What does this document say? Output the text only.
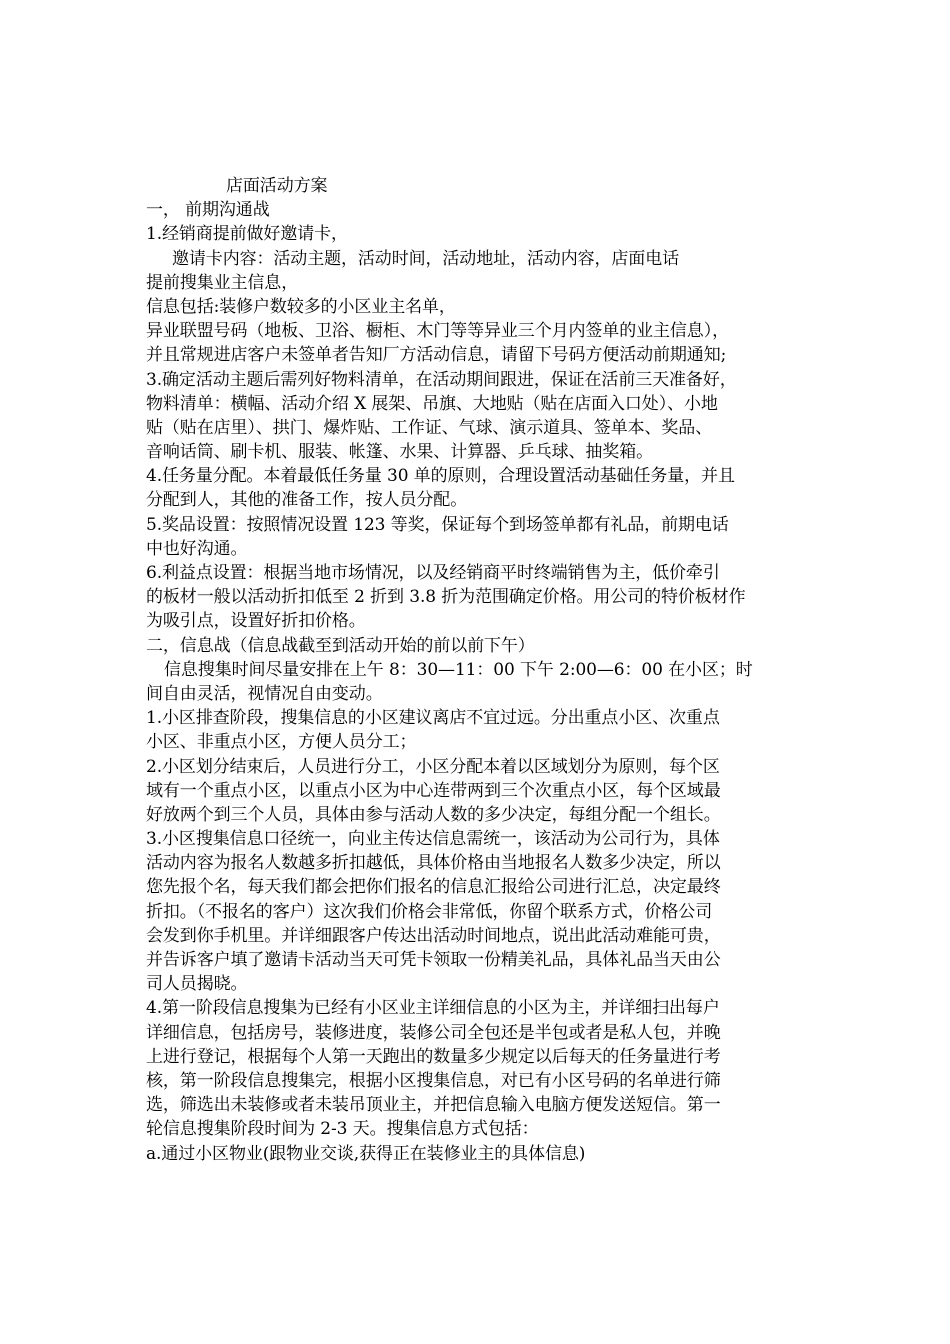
店面活动方案
一， 前期沟通战
1.经销商提前做好邀请卡，
邀请卡内容：活动主题，活动时间，活动地址，活动内容，店面电话
提前搜集业主信息，
信息包括:装修户数较多的小区业主名单，
异业联盟号码（地板、卫浴、橱柜、木门等等异业三个月内签单的业主信息），
并且常规进店客户未签单者告知厂方活动信息，请留下号码方便活动前期通知;
3.确定活动主题后需列好物料清单，在活动期间跟进，保证在活前三天准备好，
物料清单：横幅、活动介绍 X 展架、吊旗、大地贴（贴在店面入口处）、小地
贴（贴在店里）、拱门、爆炸贴、工作证、气球、演示道具、签单本、奖品、
音响话筒、刷卡机、服装、帐篷、水果、计算器、乒乓球、抽奖箱。
4.任务量分配。本着最低任务量 30 单的原则，合理设置活动基础任务量，并且
分配到人，其他的准备工作，按人员分配。
5.奖品设置：按照情况设置 123 等奖，保证每个到场签单都有礼品，前期电话
中也好沟通。
6.利益点设置：根据当地市场情况，以及经销商平时终端销售为主，低价牵引
的板材一般以活动折扣低至 2 折到 3.8 折为范围确定价格。用公司的特价板材作
为吸引点，设置好折扣价格。
二，信息战（信息战截至到活动开始的前以前下午）
信息搜集时间尽量安排在上午 8：30—11：00 下午 2:00—6：00 在小区；时
间自由灵活，视情况自由变动。
1.小区排查阶段，搜集信息的小区建议离店不宜过远。分出重点小区、次重点
小区、非重点小区，方便人员分工；
2.小区划分结束后，人员进行分工，小区分配本着以区域划分为原则，每个区
域有一个重点小区，以重点小区为中心连带两到三个次重点小区，每个区域最
好放两个到三个人员，具体由参与活动人数的多少决定，每组分配一个组长。
3.小区搜集信息口径统一，向业主传达信息需统一，该活动为公司行为，具体
活动内容为报名人数越多折扣越低，具体价格由当地报名人数多少决定，所以
您先报个名，每天我们都会把你们报名的信息汇报给公司进行汇总，决定最终
折扣。（不报名的客户）这次我们价格会非常低，你留个联系方式，价格公司
会发到你手机里。并详细跟客户传达出活动时间地点，说出此活动难能可贵，
并告诉客户填了邀请卡活动当天可凭卡领取一份精美礼品，具体礼品当天由公
司人员揭晓。
4.第一阶段信息搜集为已经有小区业主详细信息的小区为主，并详细扫出每户
详细信息，包括房号，装修进度，装修公司全包还是半包或者是私人包，并晚
上进行登记，根据每个人第一天跑出的数量多少规定以后每天的任务量进行考
核，第一阶段信息搜集完，根据小区搜集信息，对已有小区号码的名单进行筛
选，筛选出未装修或者未装吊顶业主，并把信息输入电脑方便发送短信。第一
轮信息搜集阶段时间为 2-3 天。搜集信息方式包括：
a.通过小区物业(跟物业交谈,获得正在装修业主的具体信息)
